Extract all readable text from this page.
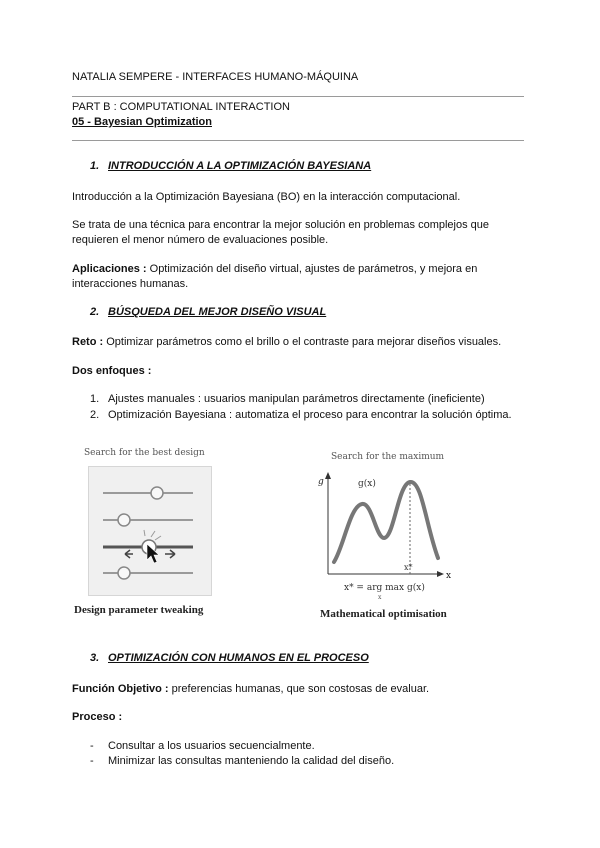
NATALIA SEMPERE - INTERFACES HUMANO-MÁQUINA
PART B : COMPUTATIONAL INTERACTION
05 - Bayesian Optimization
1. INTRODUCCIÓN A LA OPTIMIZACIÓN BAYESIANA
Introducción a la Optimización Bayesiana (BO) en la interacción computacional.
Se trata de una técnica para encontrar la mejor solución en problemas complejos que
requieren el menor número de evaluaciones posible.
Aplicaciones : Optimización del diseño virtual, ajustes de parámetros, y mejora en
interacciones humanas.
2. BÚSQUEDA DEL MEJOR DISEÑO VISUAL
Reto : Optimizar parámetros como el brillo o el contraste para mejorar diseños visuales.
Dos enfoques :
1. Ajustes manuales : usuarios manipulan parámetros directamente (ineficiente)
2. Optimización Bayesiana : automatiza el proceso para encontrar la solución óptima.
Search for the best design
Design parameter tweaking
Search for the maximum
g
x
g(x)
x*
x* = arg max g(x)
x
Mathematical optimisation
3. OPTIMIZACIÓN CON HUMANOS EN EL PROCESO
Función Objetivo : preferencias humanas, que son costosas de evaluar.
Proceso :
- Consultar a los usuarios secuencialmente.
- Minimizar las consultas manteniendo la calidad del diseño.
